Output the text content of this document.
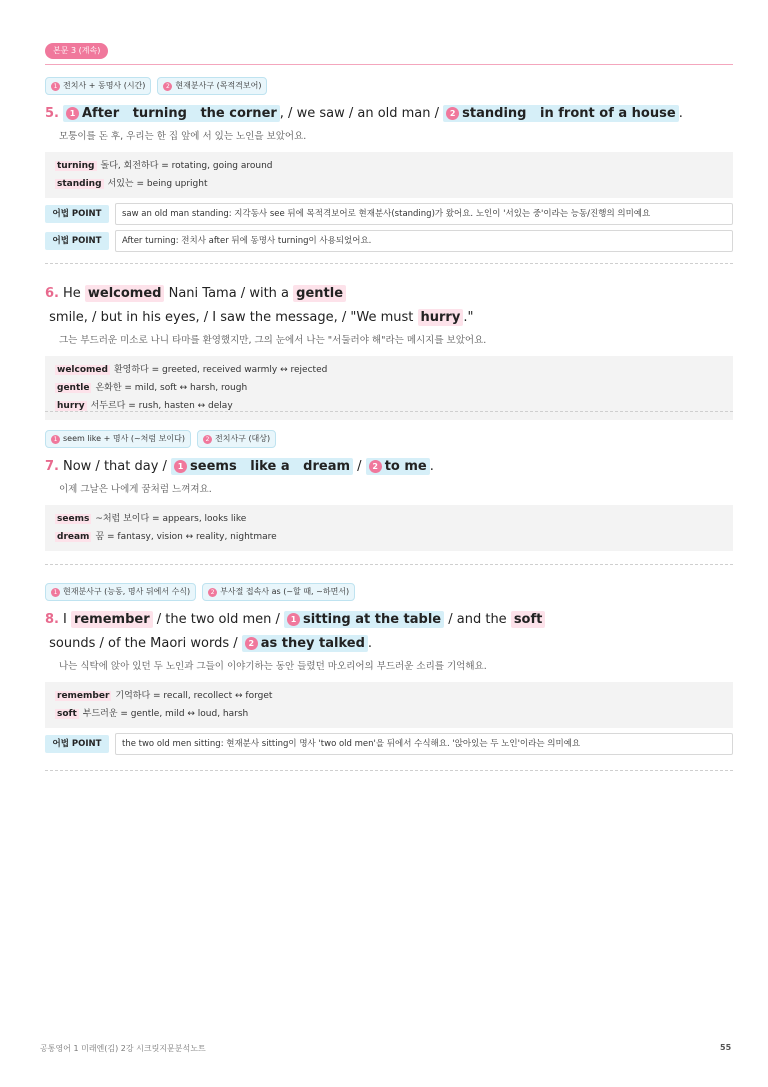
본문 3 (계속)
1 전치사 + 동명사 (시간)	2 현재분사구 (목적격보어)
5. 1 After   turning   the corner , / we saw / an old man / 2 standing   in front of a house .
모퉁이를 돈 후, 우리는 한 집 앞에 서 있는 노인을 보았어요.
turning 돌다, 회전하다 = rotating, going around
standing 서있는 = being upright
어법 POINT	saw an old man standing: 지각동사 see 뒤에 목적격보어로 현재분사(standing)가 왔어요. 노인이 '서있는 중'이라는 능동/진행의 의미예요
어법 POINT	After turning: 전치사 after 뒤에 동명사 turning이 사용되었어요.
6. He welcomed Nani Tama / with a gentle smile, / but in his eyes, / I saw the message, / "We must hurry ."
그는 부드러운 미소로 나니 타마를 환영했지만, 그의 눈에서 나는 "서둘러야 해"라는 메시지를 보았어요.
welcomed 환영하다 = greeted, received warmly ↔ rejected
gentle 온화한 = mild, soft ↔ harsh, rough
hurry 서두르다 = rush, hasten ↔ delay
1 seem like + 명사 (~처럼 보이다)	2 전치사구 (대상)
7. Now / that day / 1 seems   like a   dream / 2 to me .
이제 그날은 나에게 꿈처럼 느껴져요.
seems ~처럼 보이다 = appears, looks like
dream 꿈 = fantasy, vision ↔ reality, nightmare
1 현재분사구 (능동, 명사 뒤에서 수식)	2 부사절 접속사 as (~할 때, ~하면서)
8. I remember / the two old men / 1 sitting at the table / and the soft sounds / of the Maori words / 2 as they talked .
나는 식탁에 앉아 있던 두 노인과 그들이 이야기하는 동안 들렸던 마오리어의 부드러운 소리를 기억해요.
remember 기억하다 = recall, recollect ↔ forget
soft 부드러운 = gentle, mild ↔ loud, harsh
어법 POINT	the two old men sitting: 현재분사 sitting이 명사 'two old men'을 뒤에서 수식해요. '앉아있는 두 노인'이라는 의미예요
공통영어 1 미래엔(김) 2강 시크릿지문분석노트	55
